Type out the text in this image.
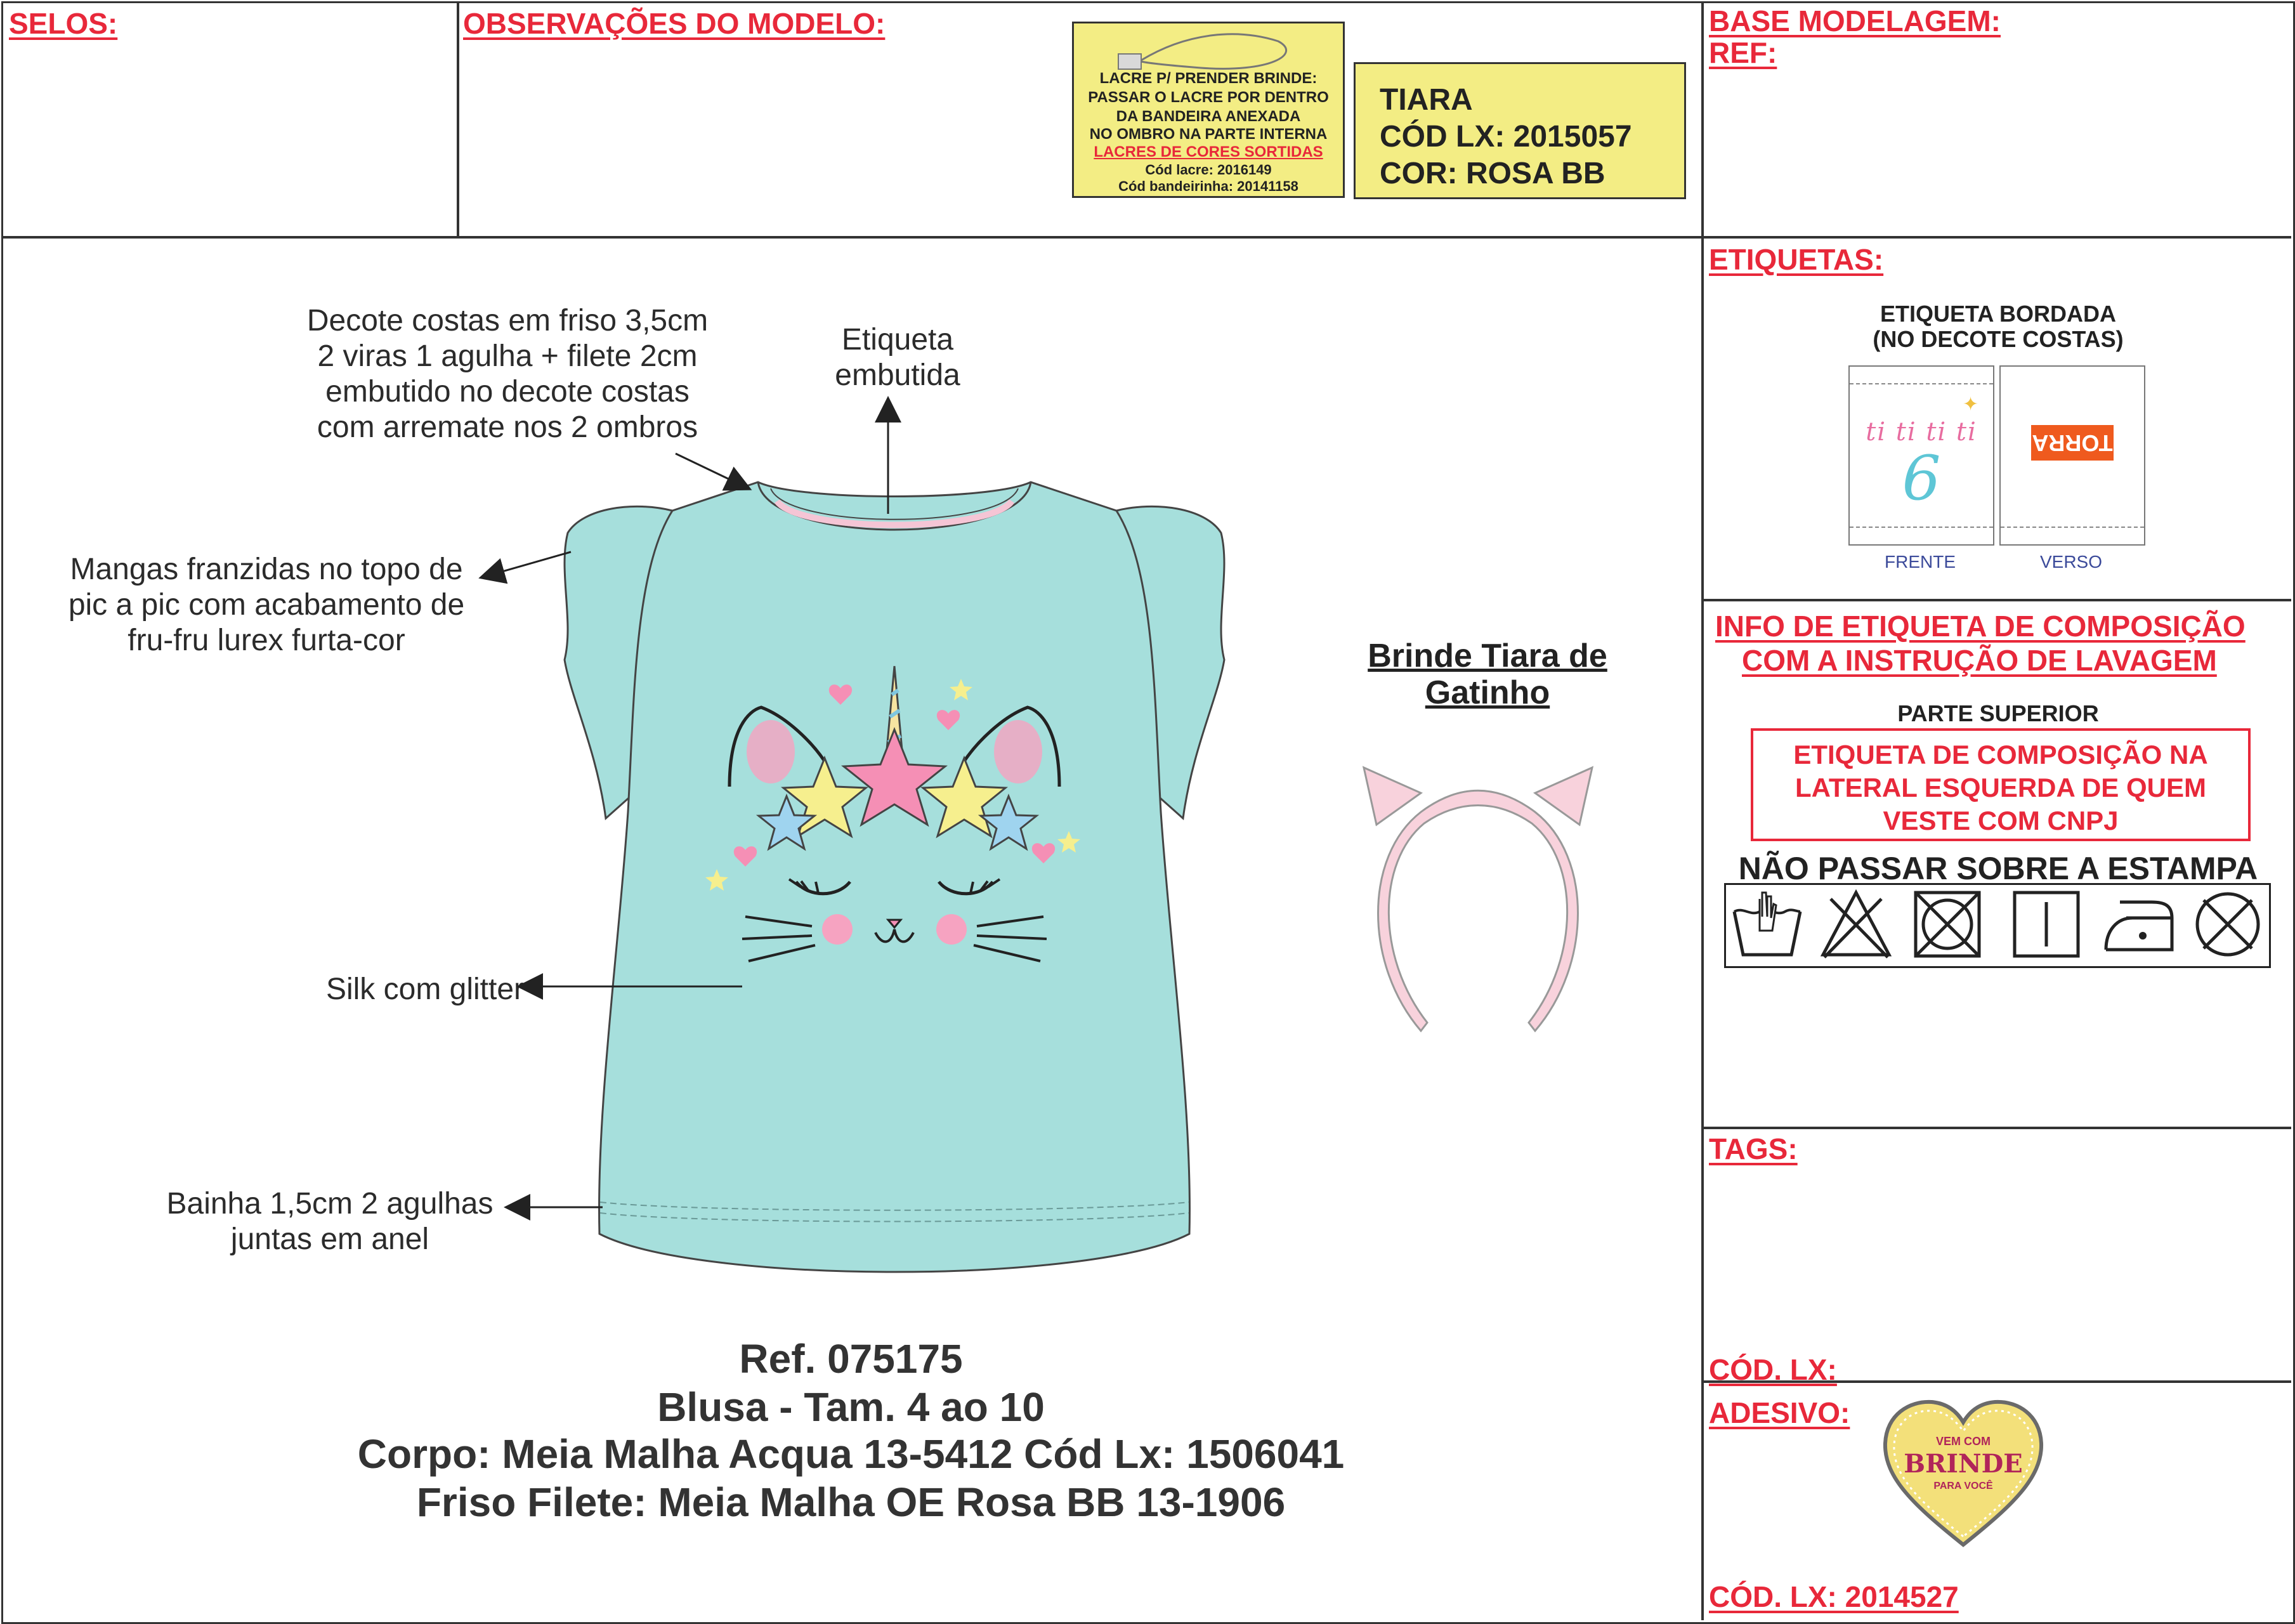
SELOS:	OBSERVAÇÕES DO MODELO:	BASE MODELAGEM:
REF:
ETIQUETAS:
INFO DE ETIQUETA DE COMPOSIÇÃO
COM A INSTRUÇÃO DE LAVAGEM
TAGS:
CÓD. LX:
ADESIVO:
CÓD. LX: 2014527
LACRE P/ PRENDER BRINDE:
PASSAR O LACRE POR DENTRO
DA BANDEIRA ANEXADA
NO OMBRO NA PARTE INTERNA
LACRES DE CORES SORTIDAS
Cód lacre: 2016149
Cód bandeirinha: 20141158
TIARA
CÓD LX: 2015057
COR: ROSA BB
Decote costas em friso 3,5cm
2 viras 1 agulha + filete 2cm
embutido no decote costas
com arremate nos 2 ombros
Etiqueta
embutida
Mangas franzidas no topo de
pic a pic com acabamento de
fru-fru lurex furta-cor
Silk com glitter
Bainha 1,5cm 2 agulhas
juntas em anel
Brinde Tiara de
Gatinho
Ref. 075175
Blusa - Tam. 4 ao 10
Corpo: Meia Malha Acqua 13-5412 Cód Lx: 1506041
Friso Filete: Meia Malha OE Rosa BB 13-1906
ETIQUETA BORDADA
(NO DECOTE COSTAS)
ti ti ti ti
6
✦
TORRA
FRENTE	VERSO
PARTE SUPERIOR
ETIQUETA DE COMPOSIÇÃO NA
LATERAL ESQUERDA DE QUEM
VESTE COM CNPJ
NÃO PASSAR SOBRE A ESTAMPA
VEM COM
BRINDE
PARA VOCÊ
